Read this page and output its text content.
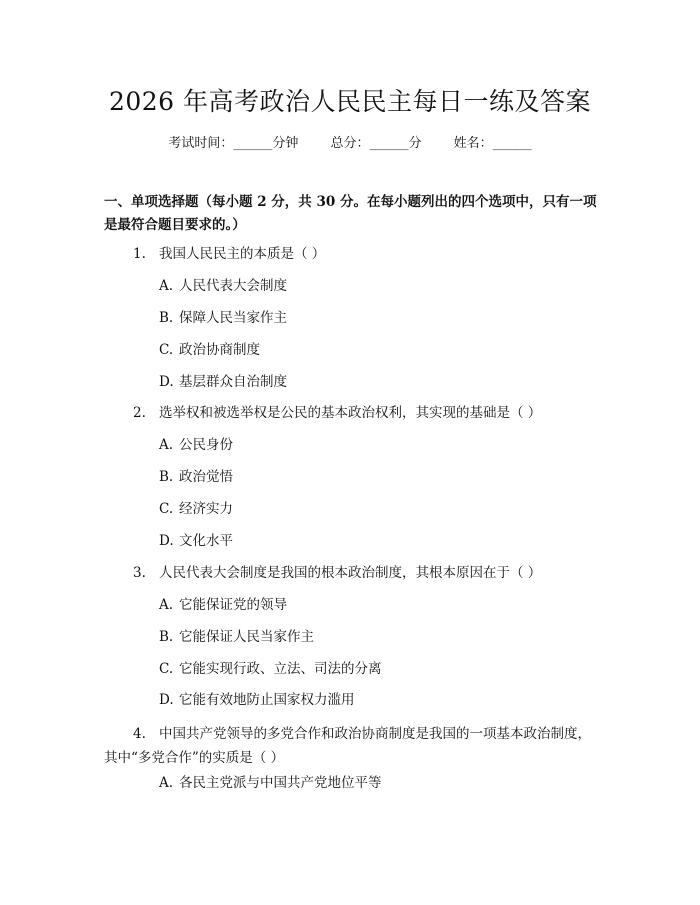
2026 年高考政治人民民主每日一练及答案
考试时间：______分钟 总分：______分 姓名：______
一、单项选择题（每小题 2 分，共 30 分。在每小题列出的四个选项中，只有一项是最符合题目要求的。）
1. 我国人民民主的本质是（ ）
A. 人民代表大会制度
B. 保障人民当家作主
C. 政治协商制度
D. 基层群众自治制度
2. 选举权和被选举权是公民的基本政治权利，其实现的基础是（ ）
A. 公民身份
B. 政治觉悟
C. 经济实力
D. 文化水平
3. 人民代表大会制度是我国的根本政治制度，其根本原因在于（ ）
A. 它能保证党的领导
B. 它能保证人民当家作主
C. 它能实现行政、立法、司法的分离
D. 它能有效地防止国家权力滥用
4. 中国共产党领导的多党合作和政治协商制度是我国的一项基本政治制度，其中“多党合作”的实质是（ ）
A. 各民主党派与中国共产党地位平等
